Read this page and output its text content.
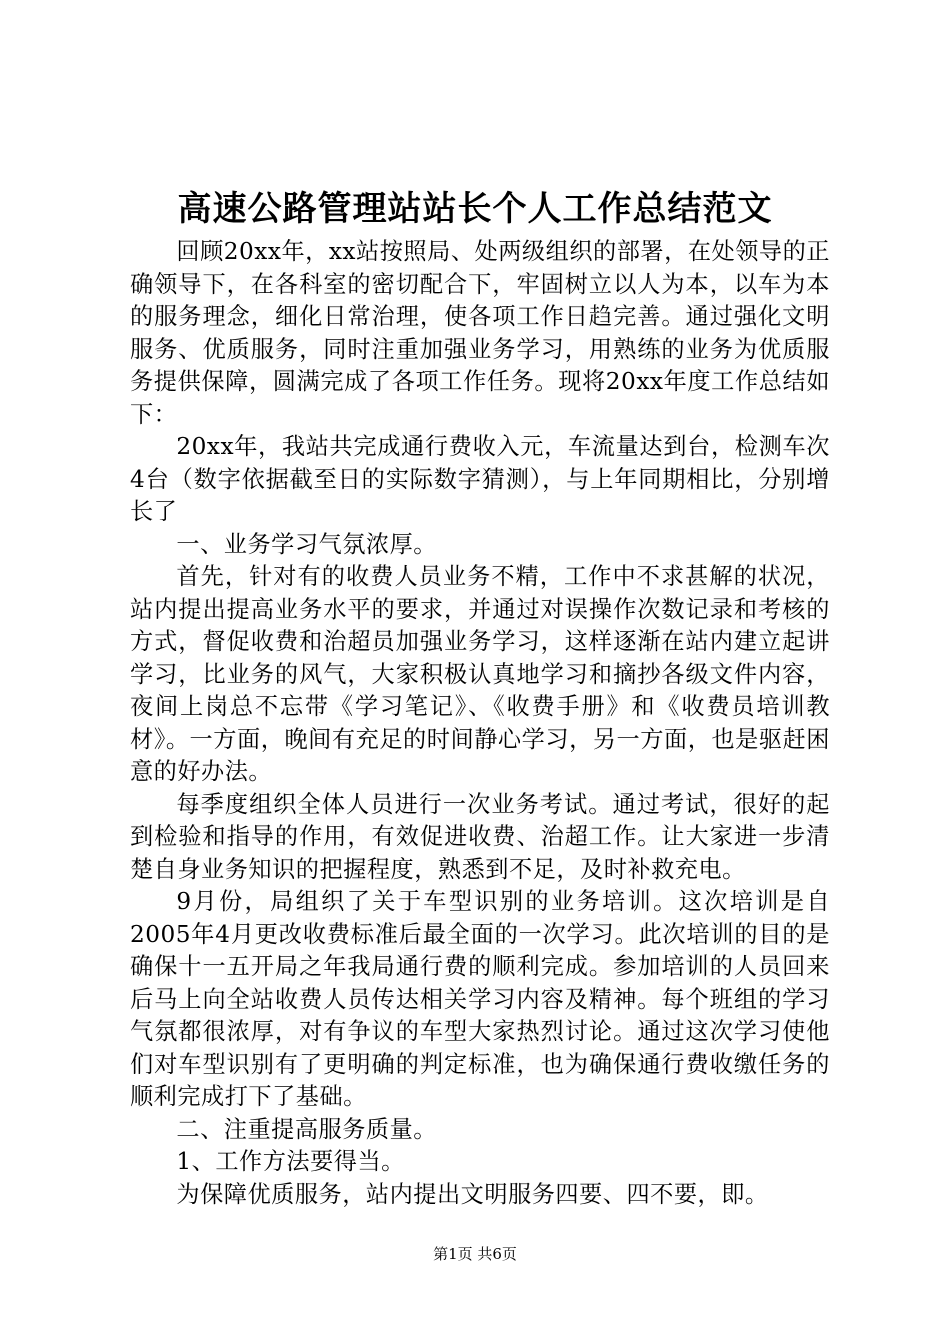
高速公路管理站站长个人工作总结范文

回顾20xx年，xx站按照局、处两级组织的部署，在处领导的正确领导下，在各科室的密切配合下，牢固树立以人为本，以车为本的服务理念，细化日常治理，使各项工作日趋完善。通过强化文明服务、优质服务，同时注重加强业务学习，用熟练的业务为优质服务提供保障，圆满完成了各项工作任务。现将20xx年度工作总结如下：

20xx年，我站共完成通行费收入元，车流量达到台，检测车次4台（数字依据截至日的实际数字猜测），与上年同期相比，分别增长了

一、业务学习气氛浓厚。

首先，针对有的收费人员业务不精，工作中不求甚解的状况，站内提出提高业务水平的要求，并通过对误操作次数记录和考核的方式，督促收费和治超员加强业务学习，这样逐渐在站内建立起讲学习，比业务的风气，大家积极认真地学习和摘抄各级文件内容，夜间上岗总不忘带《学习笔记》、《收费手册》和《收费员培训教材》。一方面，晚间有充足的时间静心学习，另一方面，也是驱赶困意的好办法。

每季度组织全体人员进行一次业务考试。通过考试，很好的起到检验和指导的作用，有效促进收费、治超工作。让大家进一步清楚自身业务知识的把握程度，熟悉到不足，及时补救充电。

9月份，局组织了关于车型识别的业务培训。这次培训是自2005年4月更改收费标准后最全面的一次学习。此次培训的目的是确保十一五开局之年我局通行费的顺利完成。参加培训的人员回来后马上向全站收费人员传达相关学习内容及精神。每个班组的学习气氛都很浓厚，对有争议的车型大家热烈讨论。通过这次学习使他们对车型识别有了更明确的判定标准，也为确保通行费收缴任务的顺利完成打下了基础。

二、注重提高服务质量。

1、工作方法要得当。

为保障优质服务，站内提出文明服务四要、四不要，即。

第1页 共6页
